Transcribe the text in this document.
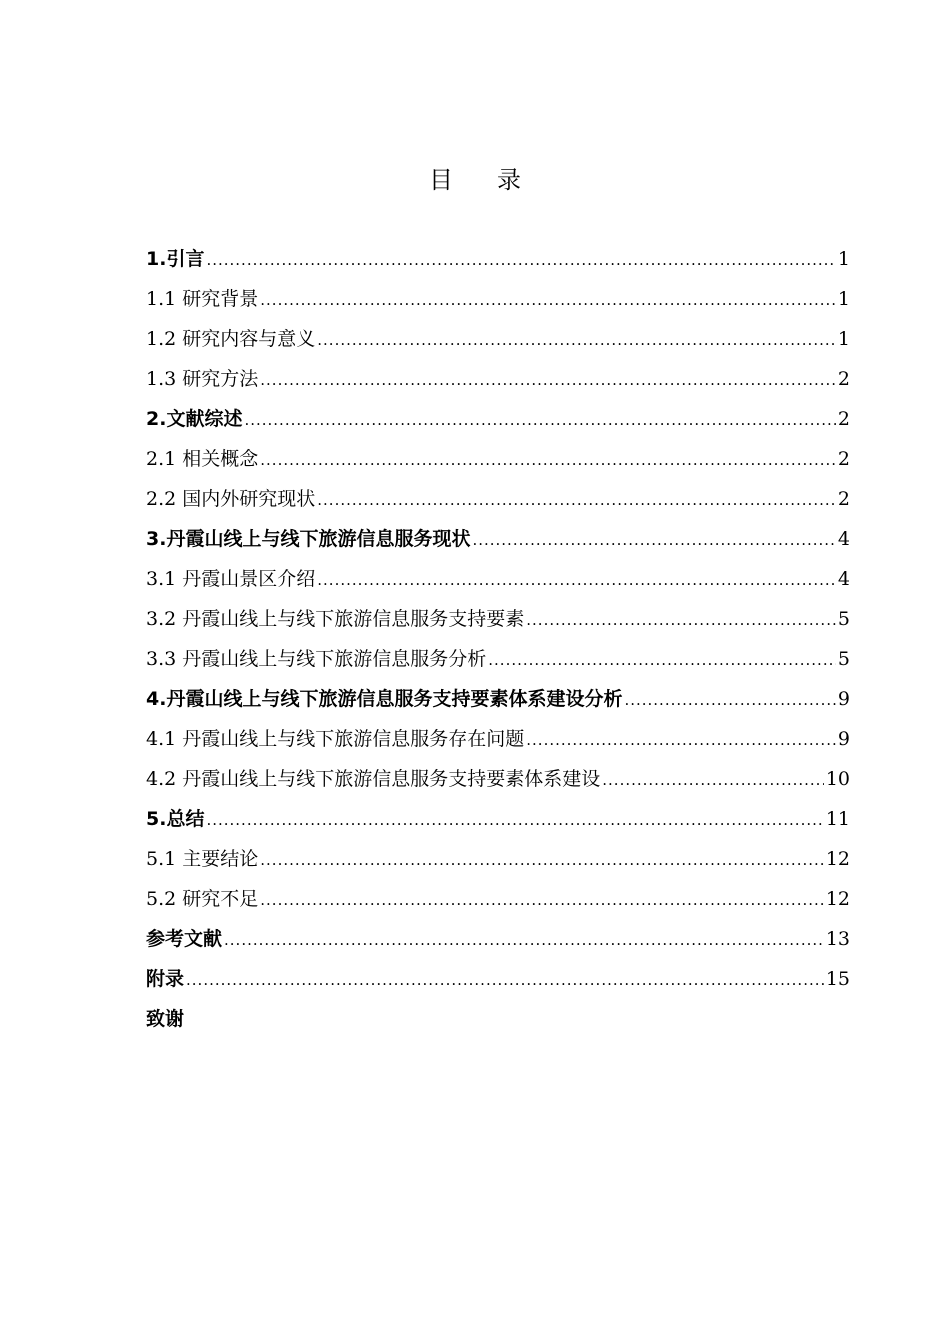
目 录
1.引言 .....	1
1.1 研究背景 .....	1
1.2 研究内容与意义 .....	1
1.3 研究方法 .....	2
2.文献综述 .....	2
2.1 相关概念 .....	2
2.2 国内外研究现状 .....	2
3.丹霞山线上与线下旅游信息服务现状 .....	4
3.1 丹霞山景区介绍 .....	4
3.2 丹霞山线上与线下旅游信息服务支持要素 .....	5
3.3 丹霞山线上与线下旅游信息服务分析 .....	5
4.丹霞山线上与线下旅游信息服务支持要素体系建设分析 .....	9
4.1 丹霞山线上与线下旅游信息服务存在问题 .....	9
4.2 丹霞山线上与线下旅游信息服务支持要素体系建设 .....	10
5.总结 .....	11
5.1 主要结论 .....	12
5.2 研究不足 .....	12
参考文献 .....	13
附录 .....	15
致谢
